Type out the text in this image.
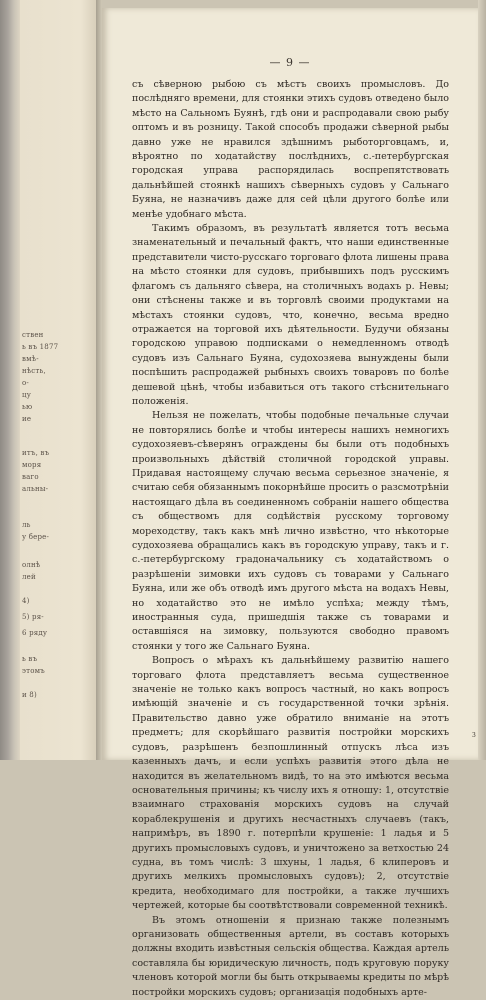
ствен
ь въ 1877
вмѣ-
нѣсть,
о-
цу
ью
ие
итъ, въ
моря
ваго
альны-
ль
у бере-
олнѣ
лей
4)
5) ря-
6 ряду
ь въ
этомъ
и 8)
— 9 —

съ сѣверною рыбою съ мѣстъ своихъ промысловъ. До послѣдняго времени, для стоянки этихъ судовъ отведено было мѣсто на Сальномъ Буянѣ, гдѣ они и распродавали свою рыбу оптомъ и въ розницу. Такой способъ продажи сѣверной рыбы давно уже не нравился здѣшнимъ рыботорговцамъ, и, вѣроятно по ходатайству послѣднихъ, с.-петербургская городская управа распорядилась воспрепятствовать дальнѣйшей стоянкѣ нашихъ сѣверныхъ судовъ у Сальнаго Буяна, не назначивъ даже для сей цѣли другого болѣе или менѣе удобнаго мѣста.

Такимъ образомъ, въ результатѣ является тотъ весьма знаменательный и печальный фактъ, что наши единственные представители чисто-русскаго торговаго флота лишены права на мѣсто стоянки для судовъ, прибывшихъ подъ русскимъ флагомъ съ дальняго сѣвера, на столичныхъ водахъ р. Невы; они стѣснены также и въ торговлѣ своими продуктами на мѣстахъ стоянки судовъ, что, конечно, весьма вредно отражается на торговой ихъ дѣятельности. Будучи обязаны городскою управою подписками о немедленномъ отводѣ судовъ изъ Сальнаго Буяна, судохозяева вынуждены были поспѣшить распродажей рыбныхъ своихъ товаровъ по болѣе дешевой цѣнѣ, чтобы избавиться отъ такого стѣснительнаго положенія.

Нельзя не пожелать, чтобы подобные печальные случаи не повторялись болѣе и чтобы интересы нашихъ немногихъ судохозяевъ-сѣверянъ ограждены бы были отъ подобныхъ произвольныхъ дѣйствій столичной городской управы. Придавая настоящему случаю весьма серьезное значеніе, я считаю себя обязаннымъ покорнѣйше просить о разсмотрѣніи настоящаго дѣла въ соединенномъ собраніи нашего общества съ обществомъ для содѣйствія русскому торговому мореходству, такъ какъ мнѣ лично извѣстно, что нѣкоторые судохозяева обращались какъ въ городскую управу, такъ и г. с.-петербургскому градоначальнику съ ходатайствомъ о разрѣшеніи зимовки ихъ судовъ съ товарами у Сальнаго Буяна, или же объ отводѣ имъ другого мѣста на водахъ Невы, но ходатайство это не имѣло успѣха; между тѣмъ, иностранныя суда, пришедшія также съ товарами и оставшіяся на зимовку, пользуются свободно правомъ стоянки у того же Сальнаго Буяна.

Вопросъ о мѣрахъ къ дальнѣйшему развитію нашего торговаго флота представляетъ весьма существенное значеніе не только какъ вопросъ частный, но какъ вопросъ имѣющій значеніе и съ государственной точки зрѣнія. Правительство давно уже обратило вниманіе на этотъ предметъ; для скорѣйшаго развитія постройки морскихъ судовъ, разрѣшенъ безпошлинный отпускъ лѣса изъ казенныхъ дачъ, и если успѣхъ развитія этого дѣла не находится въ желательномъ видѣ, то на это имѣются весьма основательныя причины; къ числу ихъ я отношу: 1, отсутствіе взаимнаго страхованія морскихъ судовъ на случай кораблекрушенія и другихъ несчастныхъ случаевъ (такъ, напримѣръ, въ 1890 г. потерпѣли крушеніе: 1 ладья и 5 другихъ промысловыхъ судовъ, и уничтожено за ветхостью 24 судна, въ томъ числѣ: 3 шхуны, 1 ладья, 6 клиперовъ и другихъ мелкихъ промысловыхъ судовъ); 2, отсутствіе кредита, необходимаго для постройки, а также лучшихъ чертежей, которые бы соотвѣтствовали современной техникѣ.

Въ этомъ отношеніи я признаю также полезнымъ организовать общественныя артели, въ составъ которыхъ должны входить извѣстныя сельскія общества. Каждая артель составляла бы юридическую личность, подъ круговую поруку членовъ которой могли бы быть открываемы кредиты по мѣрѣ постройки морскихъ судовъ; организація подобныхъ арте-

3
